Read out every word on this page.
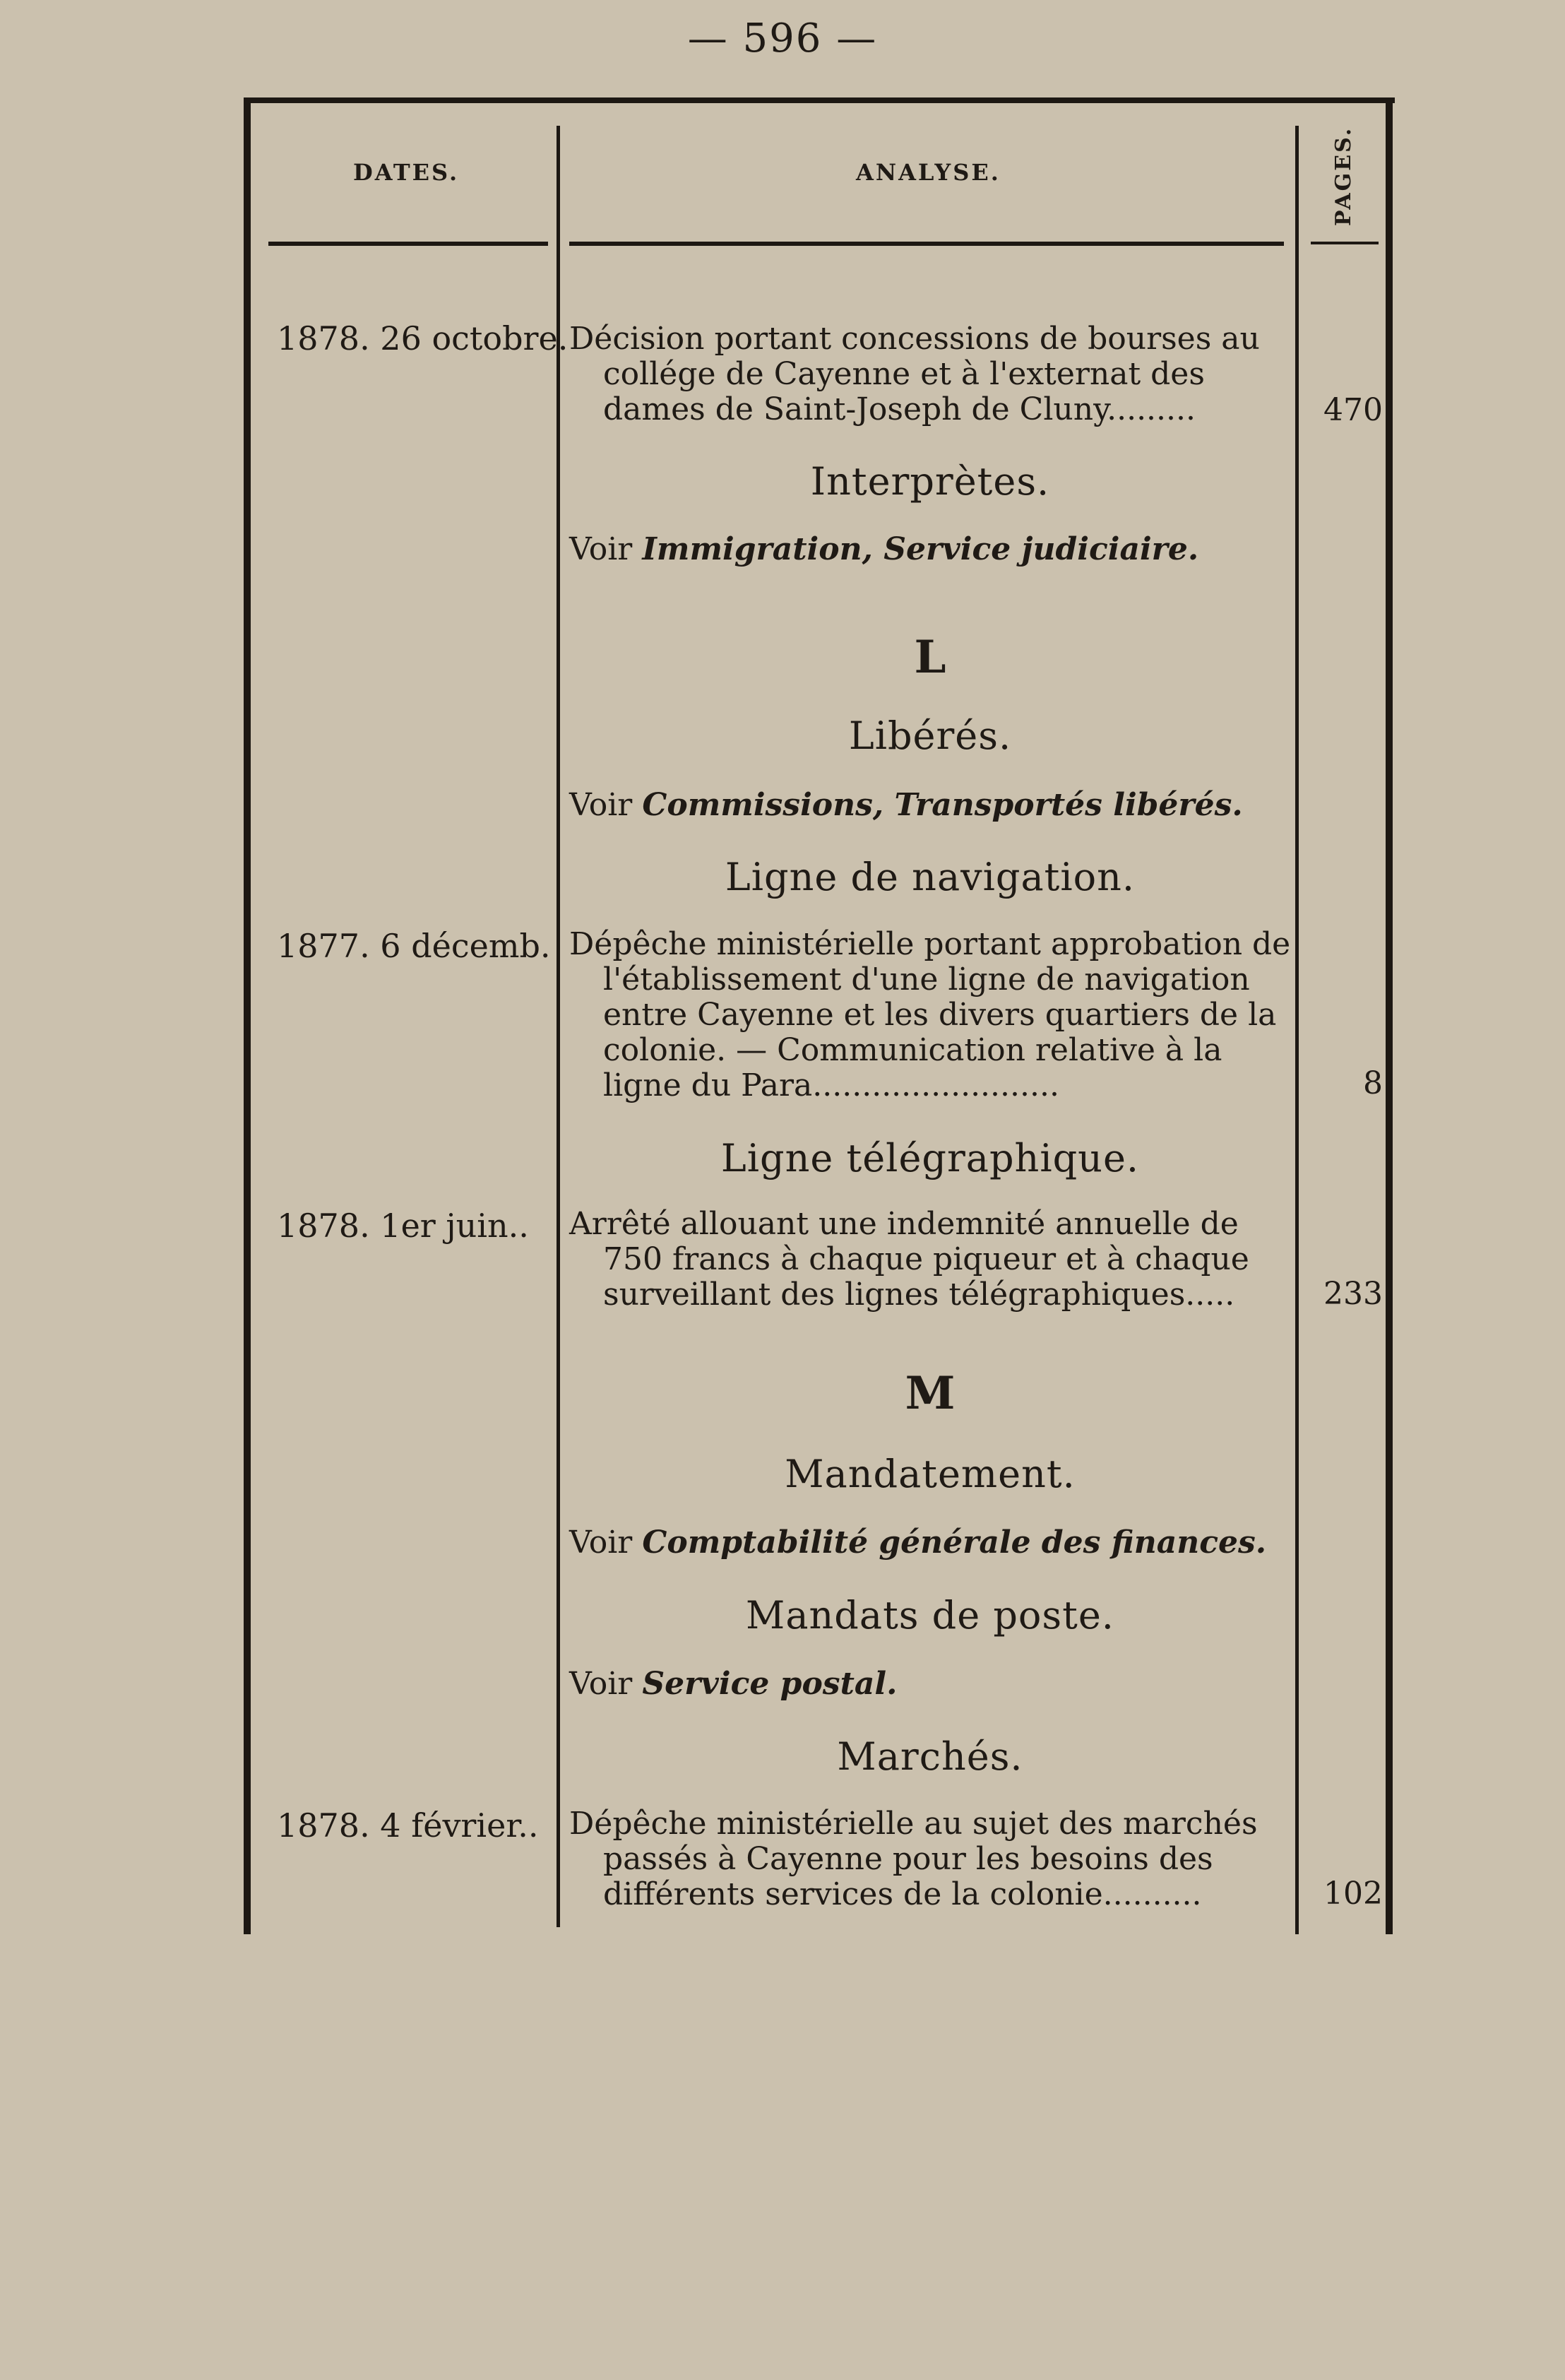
— 596 —
DATES.	ANALYSE.	PAGES.
1878. 26 octobre. Décision portant concessions de bourses au
collége de Cayenne et à l'externat des
dames de Saint-Joseph de Cluny.........	470
Interprètes.
Voir Immigration, Service judiciaire.
L
Libérés.
Voir Commissions, Transportés libérés.
Ligne de navigation.
1877. 6 décemb. Dépêche ministérielle portant approbation de
l'établissement d'une ligne de navigation
entre Cayenne et les divers quartiers de la
colonie. — Communication relative à la
ligne du Para.........................	8
Ligne télégraphique.
1878. 1er juin.. Arrêté allouant une indemnité annuelle de
750 francs à chaque piqueur et à chaque
surveillant des lignes télégraphiques.....	233
M
Mandatement.
Voir Comptabilité générale des finances.
Mandats de poste.
Voir Service postal.
Marchés.
1878. 4 février.. Dépêche ministérielle au sujet des marchés
passés à Cayenne pour les besoins des
différents services de la colonie..........	102
